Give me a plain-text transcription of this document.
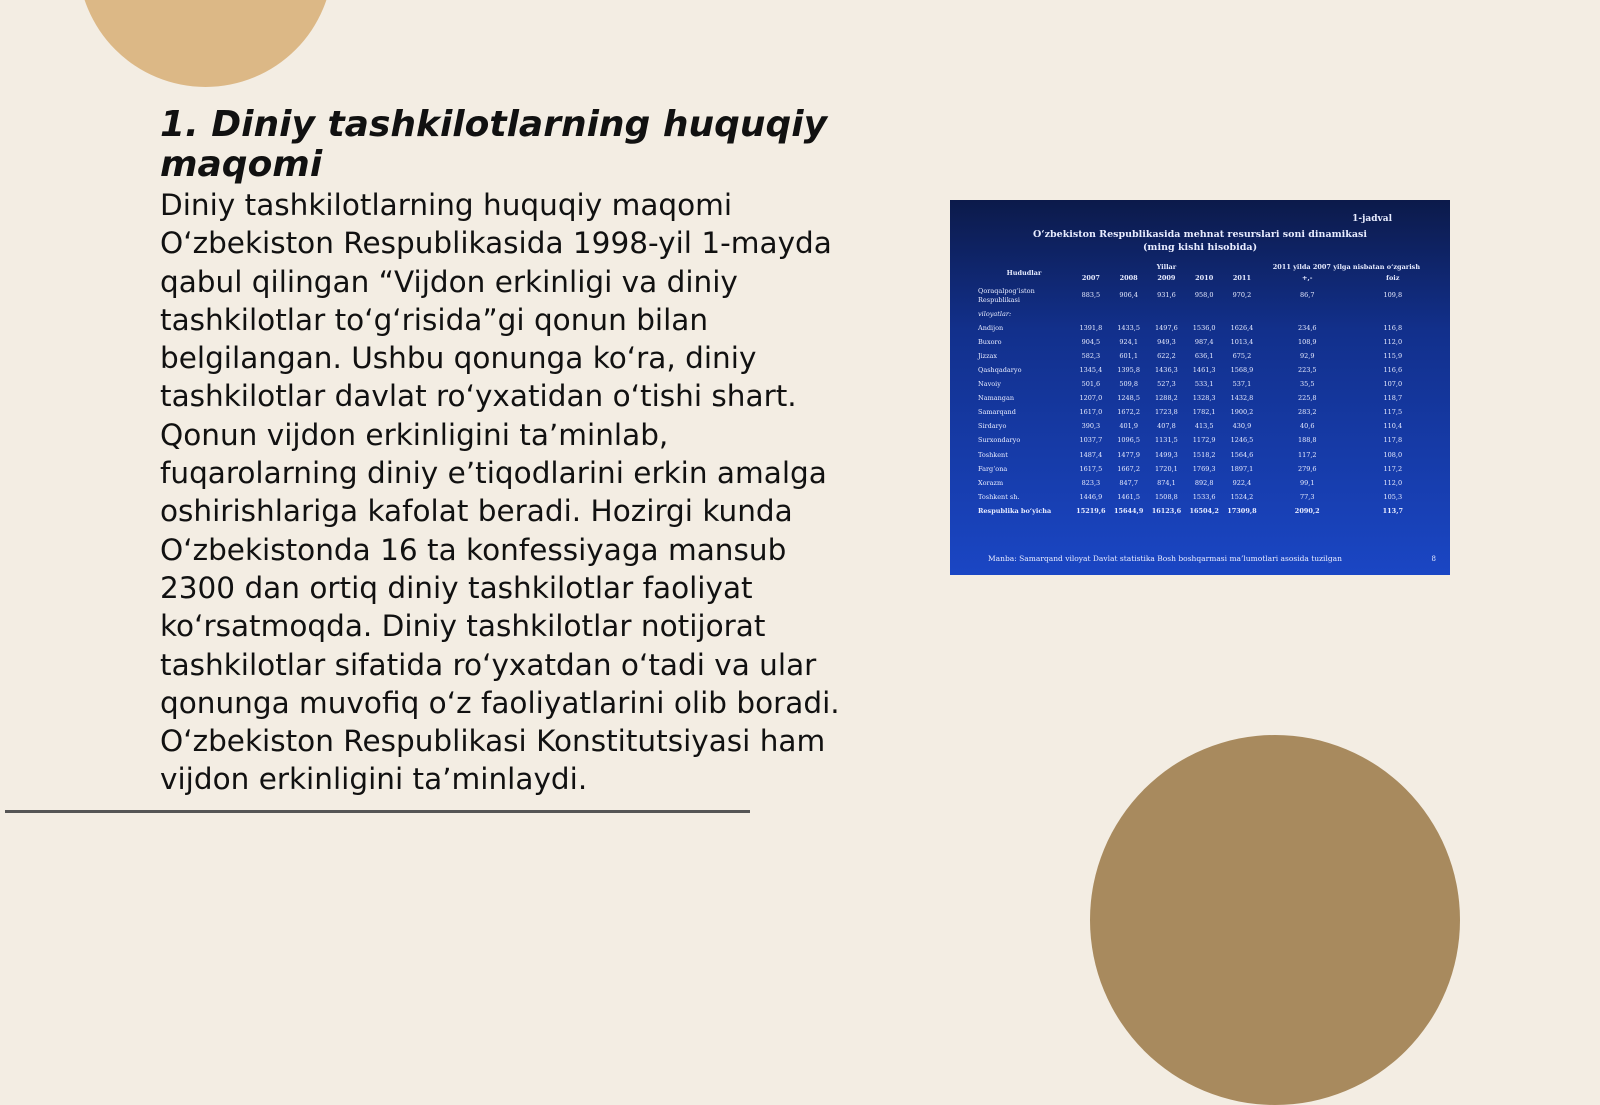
1. Diniy tashkilotlarning huquqiy maqomi

Diniy tashkilotlarning huquqiy maqomi O‘zbekiston Respublikasida 1998-yil 1-mayda qabul qilingan “Vijdon erkinligi va diniy tashkilotlar to‘g‘risida”gi qonun bilan belgilangan. Ushbu qonunga ko‘ra, diniy tashkilotlar davlat ro‘yxatidan o‘tishi shart. Qonun vijdon erkinligini ta’minlab, fuqarolarning diniy e’tiqodlarini erkin amalga oshirishlariga kafolat beradi. Hozirgi kunda O‘zbekistonda 16 ta konfessiyaga mansub 2300 dan ortiq diniy tashkilotlar faoliyat ko‘rsatmoqda. Diniy tashkilotlar notijorat tashkilotlar sifatida ro‘yxatdan o‘tadi va ular qonunga muvofiq o‘z faoliyatlarini olib boradi. O‘zbekiston Respublikasi Konstitutsiyasi ham vijdon erkinligini ta’minlaydi.

1-jadval
O‘zbekiston Respublikasida mehnat resurslari soni dinamikasi
(ming kishi hisobida)
Hududlar	Yillar					2011 yilda 2007 yilga nisbatan o‘zgarish	
	2007	2008	2009	2010	2011	+,-	foiz
Qoraqalpog‘iston Respublikasi	883,5	906,4	931,6	958,0	970,2	86,7	109,8
viloyatlar:							
Andijon	1391,8	1433,5	1497,6	1536,0	1626,4	234,6	116,8
Buxoro	904,5	924,1	949,3	987,4	1013,4	108,9	112,0
Jizzax	582,3	601,1	622,2	636,1	675,2	92,9	115,9
Qashqadaryo	1345,4	1395,8	1436,3	1461,3	1568,9	223,5	116,6
Navoiy	501,6	509,8	527,3	533,1	537,1	35,5	107,0
Namangan	1207,0	1248,5	1288,2	1328,3	1432,8	225,8	118,7
Samarqand	1617,0	1672,2	1723,8	1782,1	1900,2	283,2	117,5
Sirdaryo	390,3	401,9	407,8	413,5	430,9	40,6	110,4
Surxondaryo	1037,7	1096,5	1131,5	1172,9	1246,5	188,8	117,8
Toshkent	1487,4	1477,9	1499,3	1518,2	1564,6	117,2	108,0
Farg‘ona	1617,5	1667,2	1720,1	1769,3	1897,1	279,6	117,2
Xorazm	823,3	847,7	874,1	892,8	922,4	99,1	112,0
Toshkent sh.	1446,9	1461,5	1508,8	1533,6	1524,2	77,3	105,3
Respublika bo‘yicha	15219,6	15644,9	16123,6	16504,2	17309,8	2090,2	113,7
Manba: Samarqand viloyat Davlat statistika Bosh boshqarmasi ma’lumotlari asosida tuzilgan	8
